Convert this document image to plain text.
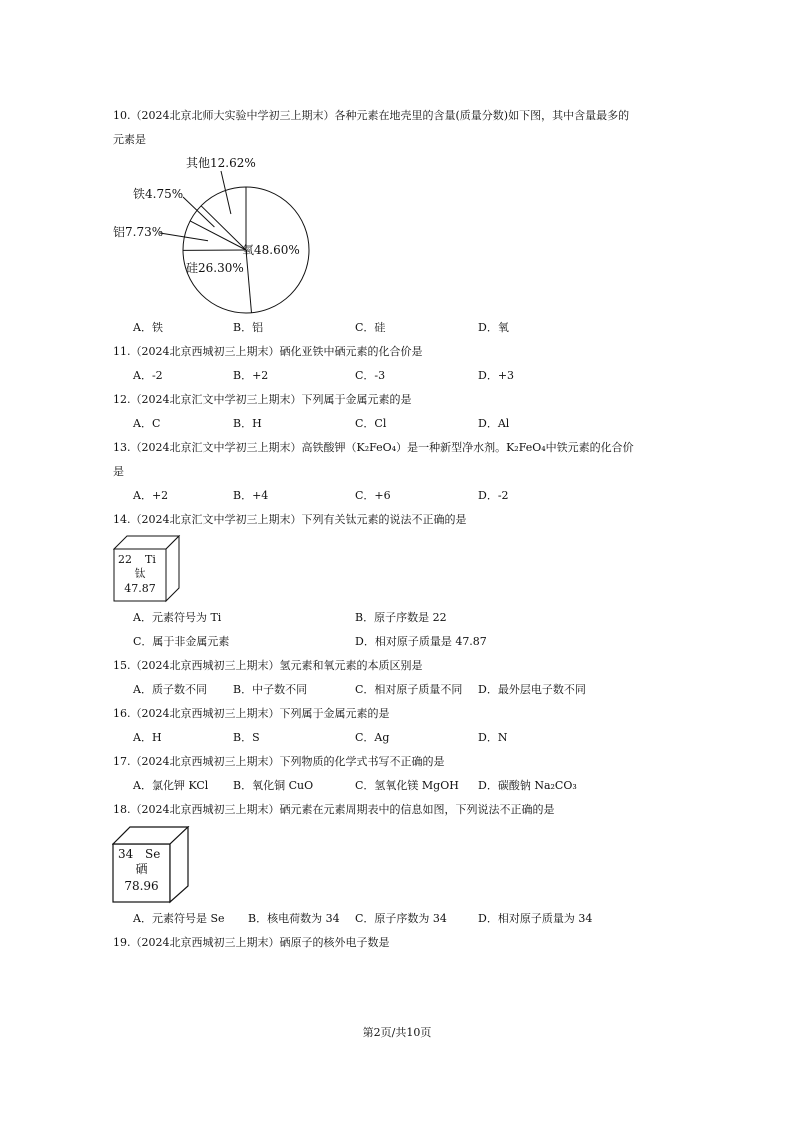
10.（2024北京北师大实验中学初三上期末）各种元素在地壳里的含量(质量分数)如下图，其中含量最多的
元素是
氧48.60%
硅26.30%
铝7.73%
铁4.75%
其他12.62%
A．铁	B．铝	C．硅	D．氧
11.（2024北京西城初三上期末）硒化亚铁中硒元素的化合价是
A．-2	B．+2	C．-3	D．+3
12.（2024北京汇文中学初三上期末）下列属于金属元素的是
A．C	B．H	C．Cl	D．Al
13.（2024北京汇文中学初三上期末）高铁酸钾（K₂FeO₄）是一种新型净水剂。K₂FeO₄中铁元素的化合价
是
A．+2	B．+4	C．+6	D．-2
14.（2024北京汇文中学初三上期末）下列有关钛元素的说法不正确的是
22 Ti
钛
47.87
A．元素符号为 Ti	B．原子序数是 22
C．属于非金属元素	D．相对原子质量是 47.87
15.（2024北京西城初三上期末）氢元素和氧元素的本质区别是
A．质子数不同 B．中子数不同	C．相对原子质量不同 D．最外层电子数不同
16.（2024北京西城初三上期末）下列属于金属元素的是
A．H	B．S	C．Ag	D．N
17.（2024北京西城初三上期末）下列物质的化学式书写不正确的是
A．氯化钾 KCl B．氧化铜 CuO	C．氢氧化镁 MgOH D．碳酸钠 Na₂CO₃
18.（2024北京西城初三上期末）硒元素在元素周期表中的信息如图，下列说法不正确的是
34 Se
硒
78.96
A．元素符号是 Se B．核电荷数为 34 C．原子序数为 34	D．相对原子质量为 34
19.（2024北京西城初三上期末）硒原子的核外电子数是
第2页/共10页
